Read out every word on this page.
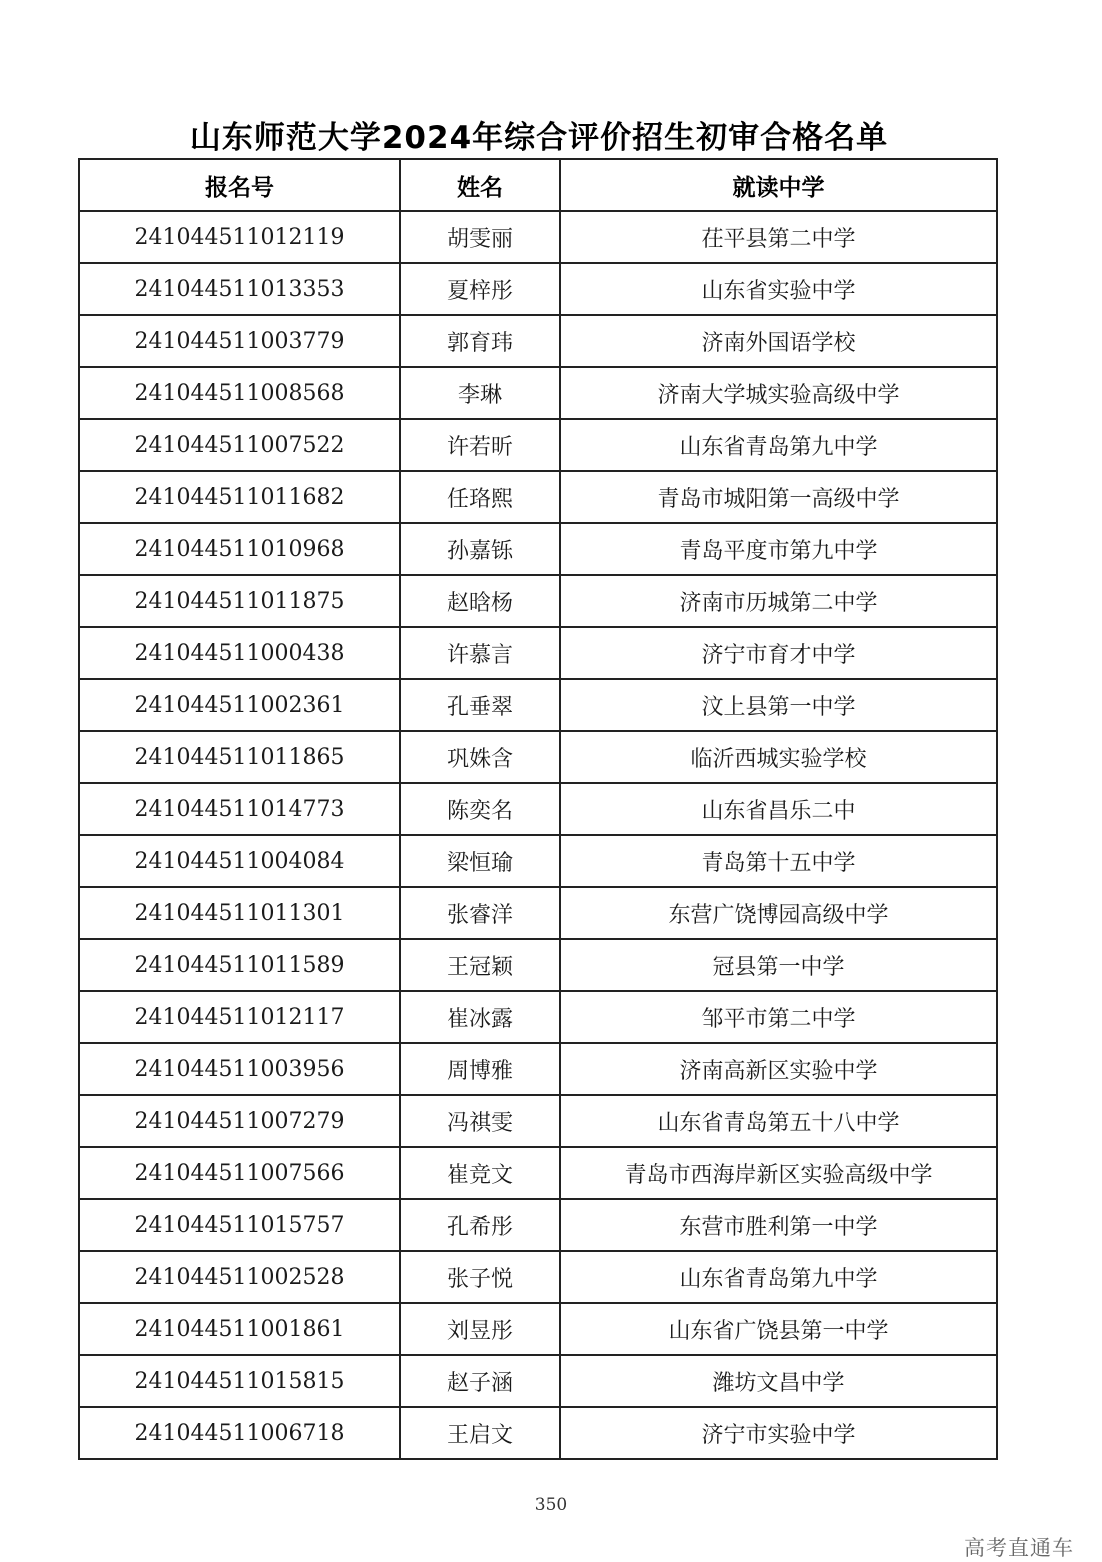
山东师范大学2024年综合评价招生初审合格名单
报名号	姓名	就读中学
241044511012119	胡雯丽	茌平县第二中学
241044511013353	夏梓彤	山东省实验中学
241044511003779	郭育玮	济南外国语学校
241044511008568	李琳	济南大学城实验高级中学
241044511007522	许若昕	山东省青岛第九中学
241044511011682	任珞熙	青岛市城阳第一高级中学
241044511010968	孙嘉铄	青岛平度市第九中学
241044511011875	赵晗杨	济南市历城第二中学
241044511000438	许慕言	济宁市育才中学
241044511002361	孔垂翠	汶上县第一中学
241044511011865	巩姝含	临沂西城实验学校
241044511014773	陈奕名	山东省昌乐二中
241044511004084	梁恒瑜	青岛第十五中学
241044511011301	张睿洋	东营广饶博园高级中学
241044511011589	王冠颖	冠县第一中学
241044511012117	崔冰露	邹平市第二中学
241044511003956	周博雅	济南高新区实验中学
241044511007279	冯祺雯	山东省青岛第五十八中学
241044511007566	崔竞文	青岛市西海岸新区实验高级中学
241044511015757	孔希彤	东营市胜利第一中学
241044511002528	张子悦	山东省青岛第九中学
241044511001861	刘昱彤	山东省广饶县第一中学
241044511015815	赵子涵	潍坊文昌中学
241044511006718	王启文	济宁市实验中学
350
高考直通车
